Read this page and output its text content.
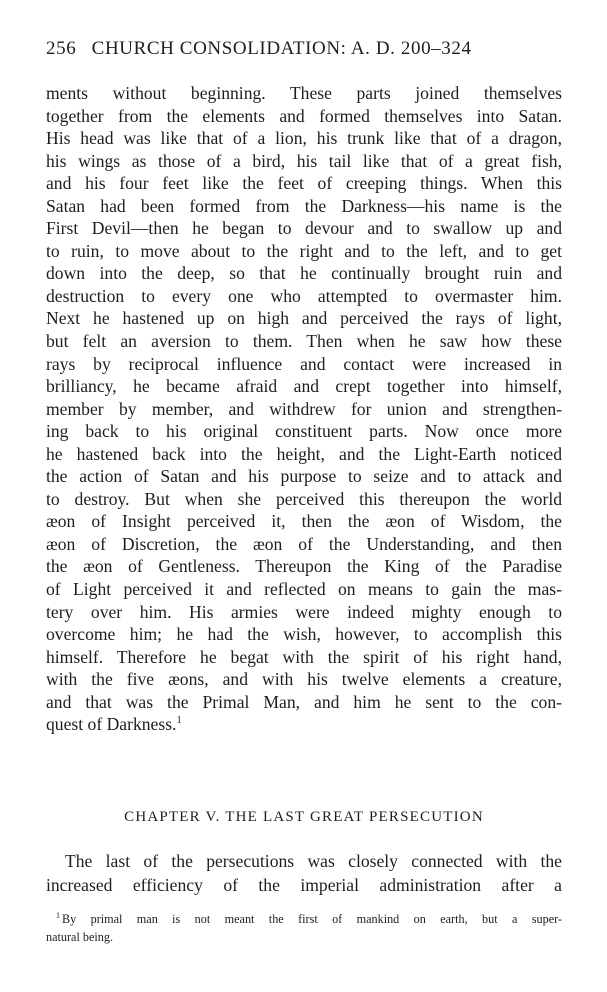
256 CHURCH CONSOLIDATION: A. D. 200–324
ments without beginning. These parts joined themselves
together from the elements and formed themselves into Satan.
His head was like that of a lion, his trunk like that of a dragon,
his wings as those of a bird, his tail like that of a great fish,
and his four feet like the feet of creeping things. When this
Satan had been formed from the Darkness—his name is the
First Devil—then he began to devour and to swallow up and
to ruin, to move about to the right and to the left, and to get
down into the deep, so that he continually brought ruin and
destruction to every one who attempted to overmaster him.
Next he hastened up on high and perceived the rays of light,
but felt an aversion to them. Then when he saw how these
rays by reciprocal influence and contact were increased in
brilliancy, he became afraid and crept together into himself,
member by member, and withdrew for union and strengthen-
ing back to his original constituent parts. Now once more
he hastened back into the height, and the Light-Earth noticed
the action of Satan and his purpose to seize and to attack and
to destroy. But when she perceived this thereupon the world
æon of Insight perceived it, then the æon of Wisdom, the
æon of Discretion, the æon of the Understanding, and then
the æon of Gentleness. Thereupon the King of the Paradise
of Light perceived it and reflected on means to gain the mas-
tery over him. His armies were indeed mighty enough to
overcome him; he had the wish, however, to accomplish this
himself. Therefore he begat with the spirit of his right hand,
with the five æons, and with his twelve elements a creature,
and that was the Primal Man, and him he sent to the con-
quest of Darkness.$^1$
CHAPTER V. THE LAST GREAT PERSECUTION
The last of the persecutions was closely connected with the
increased efficiency of the imperial administration after a
$^1$ By primal man is not meant the first of mankind on earth, but a super-
natural being.
